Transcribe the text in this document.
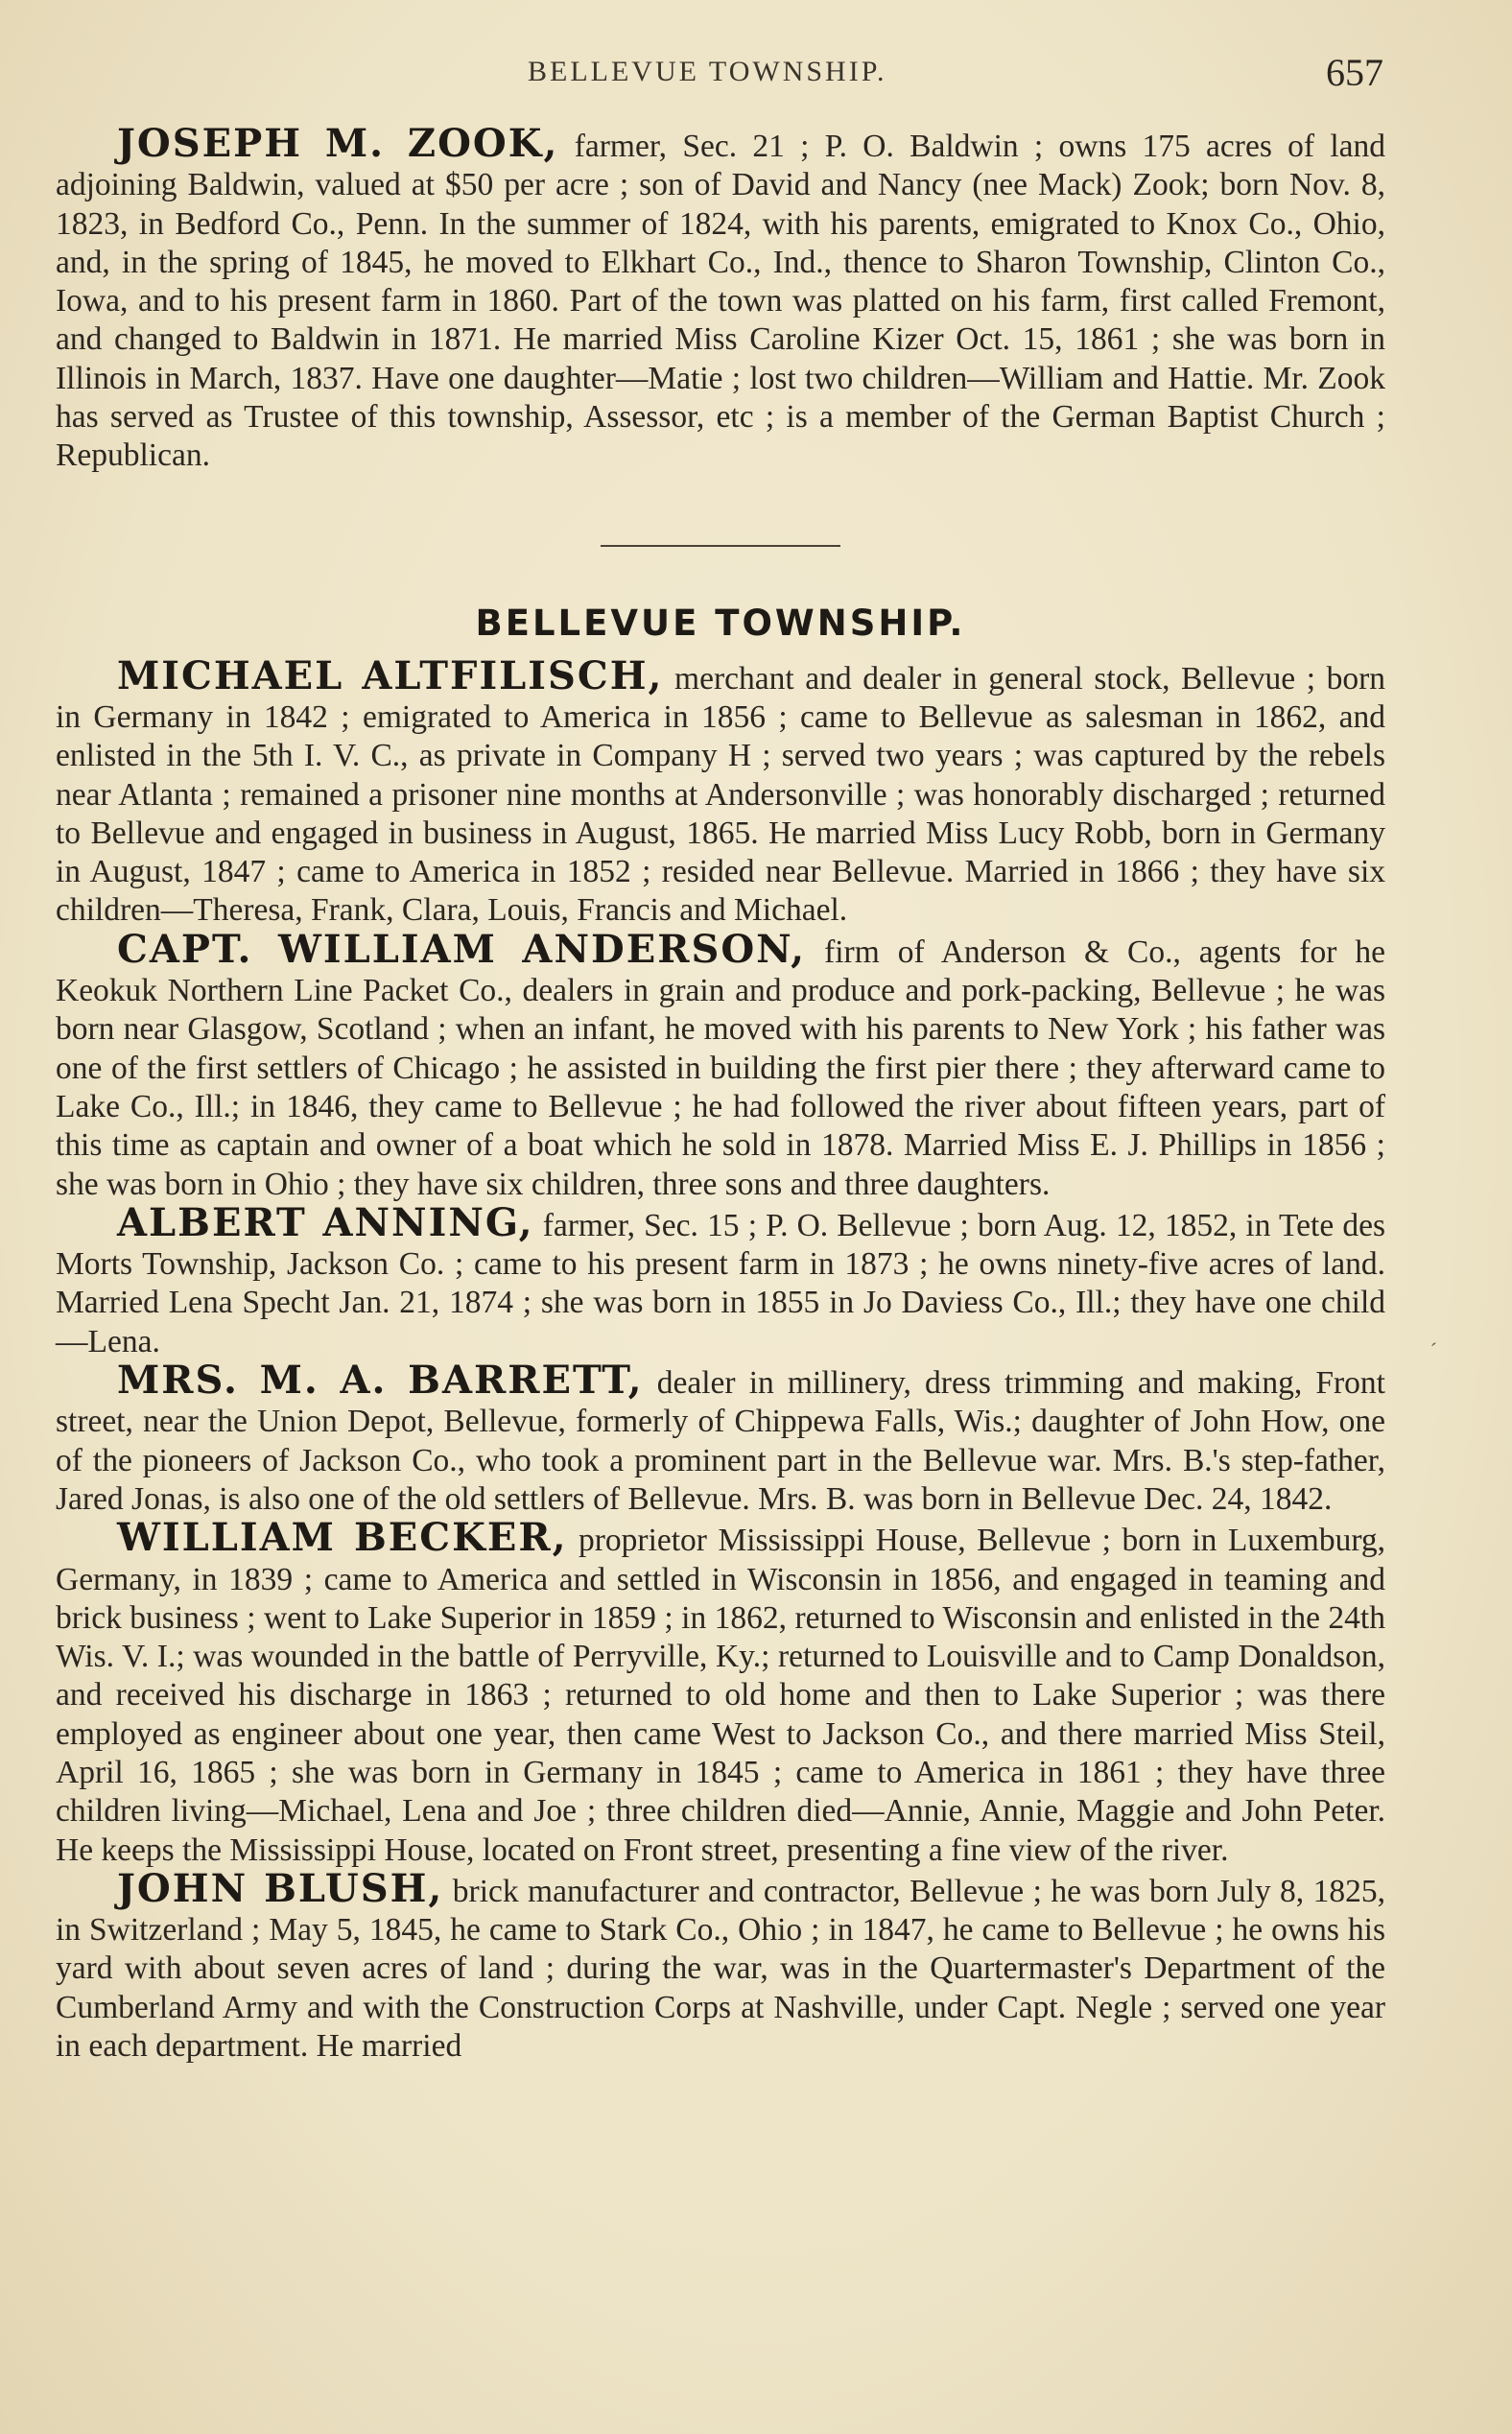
BELLEVUE TOWNSHIP.	657

JOSEPH M. ZOOK, farmer, Sec. 21 ; P. O. Baldwin ; owns 175 acres of land adjoining Baldwin, valued at $50 per acre ; son of David and Nancy (nee Mack) Zook; born Nov. 8, 1823, in Bedford Co., Penn. In the summer of 1824, with his parents, emigrated to Knox Co., Ohio, and, in the spring of 1845, he moved to Elkhart Co., Ind., thence to Sharon Township, Clinton Co., Iowa, and to his present farm in 1860. Part of the town was platted on his farm, first called Fremont, and changed to Baldwin in 1871. He married Miss Caroline Kizer Oct. 15, 1861 ; she was born in Illinois in March, 1837. Have one daughter—Matie ; lost two children—William and Hattie. Mr. Zook has served as Trustee of this township, Assessor, etc ; is a member of the German Baptist Church ; Republican.

BELLEVUE TOWNSHIP.

MICHAEL ALTFILISCH, merchant and dealer in general stock, Bellevue ; born in Germany in 1842 ; emigrated to America in 1856 ; came to Bellevue as salesman in 1862, and enlisted in the 5th I. V. C., as private in Company H ; served two years ; was captured by the rebels near Atlanta ; remained a prisoner nine months at Andersonville ; was honorably discharged ; returned to Bellevue and engaged in business in August, 1865. He married Miss Lucy Robb, born in Germany in August, 1847 ; came to America in 1852 ; resided near Bellevue. Married in 1866 ; they have six children—Theresa, Frank, Clara, Louis, Francis and Michael.

CAPT. WILLIAM ANDERSON, firm of Anderson & Co., agents for he Keokuk Northern Line Packet Co., dealers in grain and produce and pork-packing, Bellevue ; he was born near Glasgow, Scotland ; when an infant, he moved with his parents to New York ; his father was one of the first settlers of Chicago ; he assisted in building the first pier there ; they afterward came to Lake Co., Ill.; in 1846, they came to Bellevue ; he had followed the river about fifteen years, part of this time as captain and owner of a boat which he sold in 1878. Married Miss E. J. Phillips in 1856 ; she was born in Ohio ; they have six children, three sons and three daughters.

ALBERT ANNING, farmer, Sec. 15 ; P. O. Bellevue ; born Aug. 12, 1852, in Tete des Morts Township, Jackson Co. ; came to his present farm in 1873 ; he owns ninety-five acres of land. Married Lena Specht Jan. 21, 1874 ; she was born in 1855 in Jo Daviess Co., Ill.; they have one child—Lena.

MRS. M. A. BARRETT, dealer in millinery, dress trimming and making, Front street, near the Union Depot, Bellevue, formerly of Chippewa Falls, Wis.; daughter of John How, one of the pioneers of Jackson Co., who took a prominent part in the Bellevue war. Mrs. B.'s step-father, Jared Jonas, is also one of the old settlers of Bellevue. Mrs. B. was born in Bellevue Dec. 24, 1842.

WILLIAM BECKER, proprietor Mississippi House, Bellevue ; born in Luxemburg, Germany, in 1839 ; came to America and settled in Wisconsin in 1856, and engaged in teaming and brick business ; went to Lake Superior in 1859 ; in 1862, returned to Wisconsin and enlisted in the 24th Wis. V. I.; was wounded in the battle of Perryville, Ky.; returned to Louisville and to Camp Donaldson, and received his discharge in 1863 ; returned to old home and then to Lake Superior ; was there employed as engineer about one year, then came West to Jackson Co., and there married Miss Steil, April 16, 1865 ; she was born in Germany in 1845 ; came to America in 1861 ; they have three children living—Michael, Lena and Joe ; three children died—Annie, Annie, Maggie and John Peter. He keeps the Mississippi House, located on Front street, presenting a fine view of the river.

JOHN BLUSH, brick manufacturer and contractor, Bellevue ; he was born July 8, 1825, in Switzerland ; May 5, 1845, he came to Stark Co., Ohio ; in 1847, he came to Bellevue ; he owns his yard with about seven acres of land ; during the war, was in the Quartermaster's Department of the Cumberland Army and with the Construction Corps at Nashville, under Capt. Negle ; served one year in each department. He married

´
